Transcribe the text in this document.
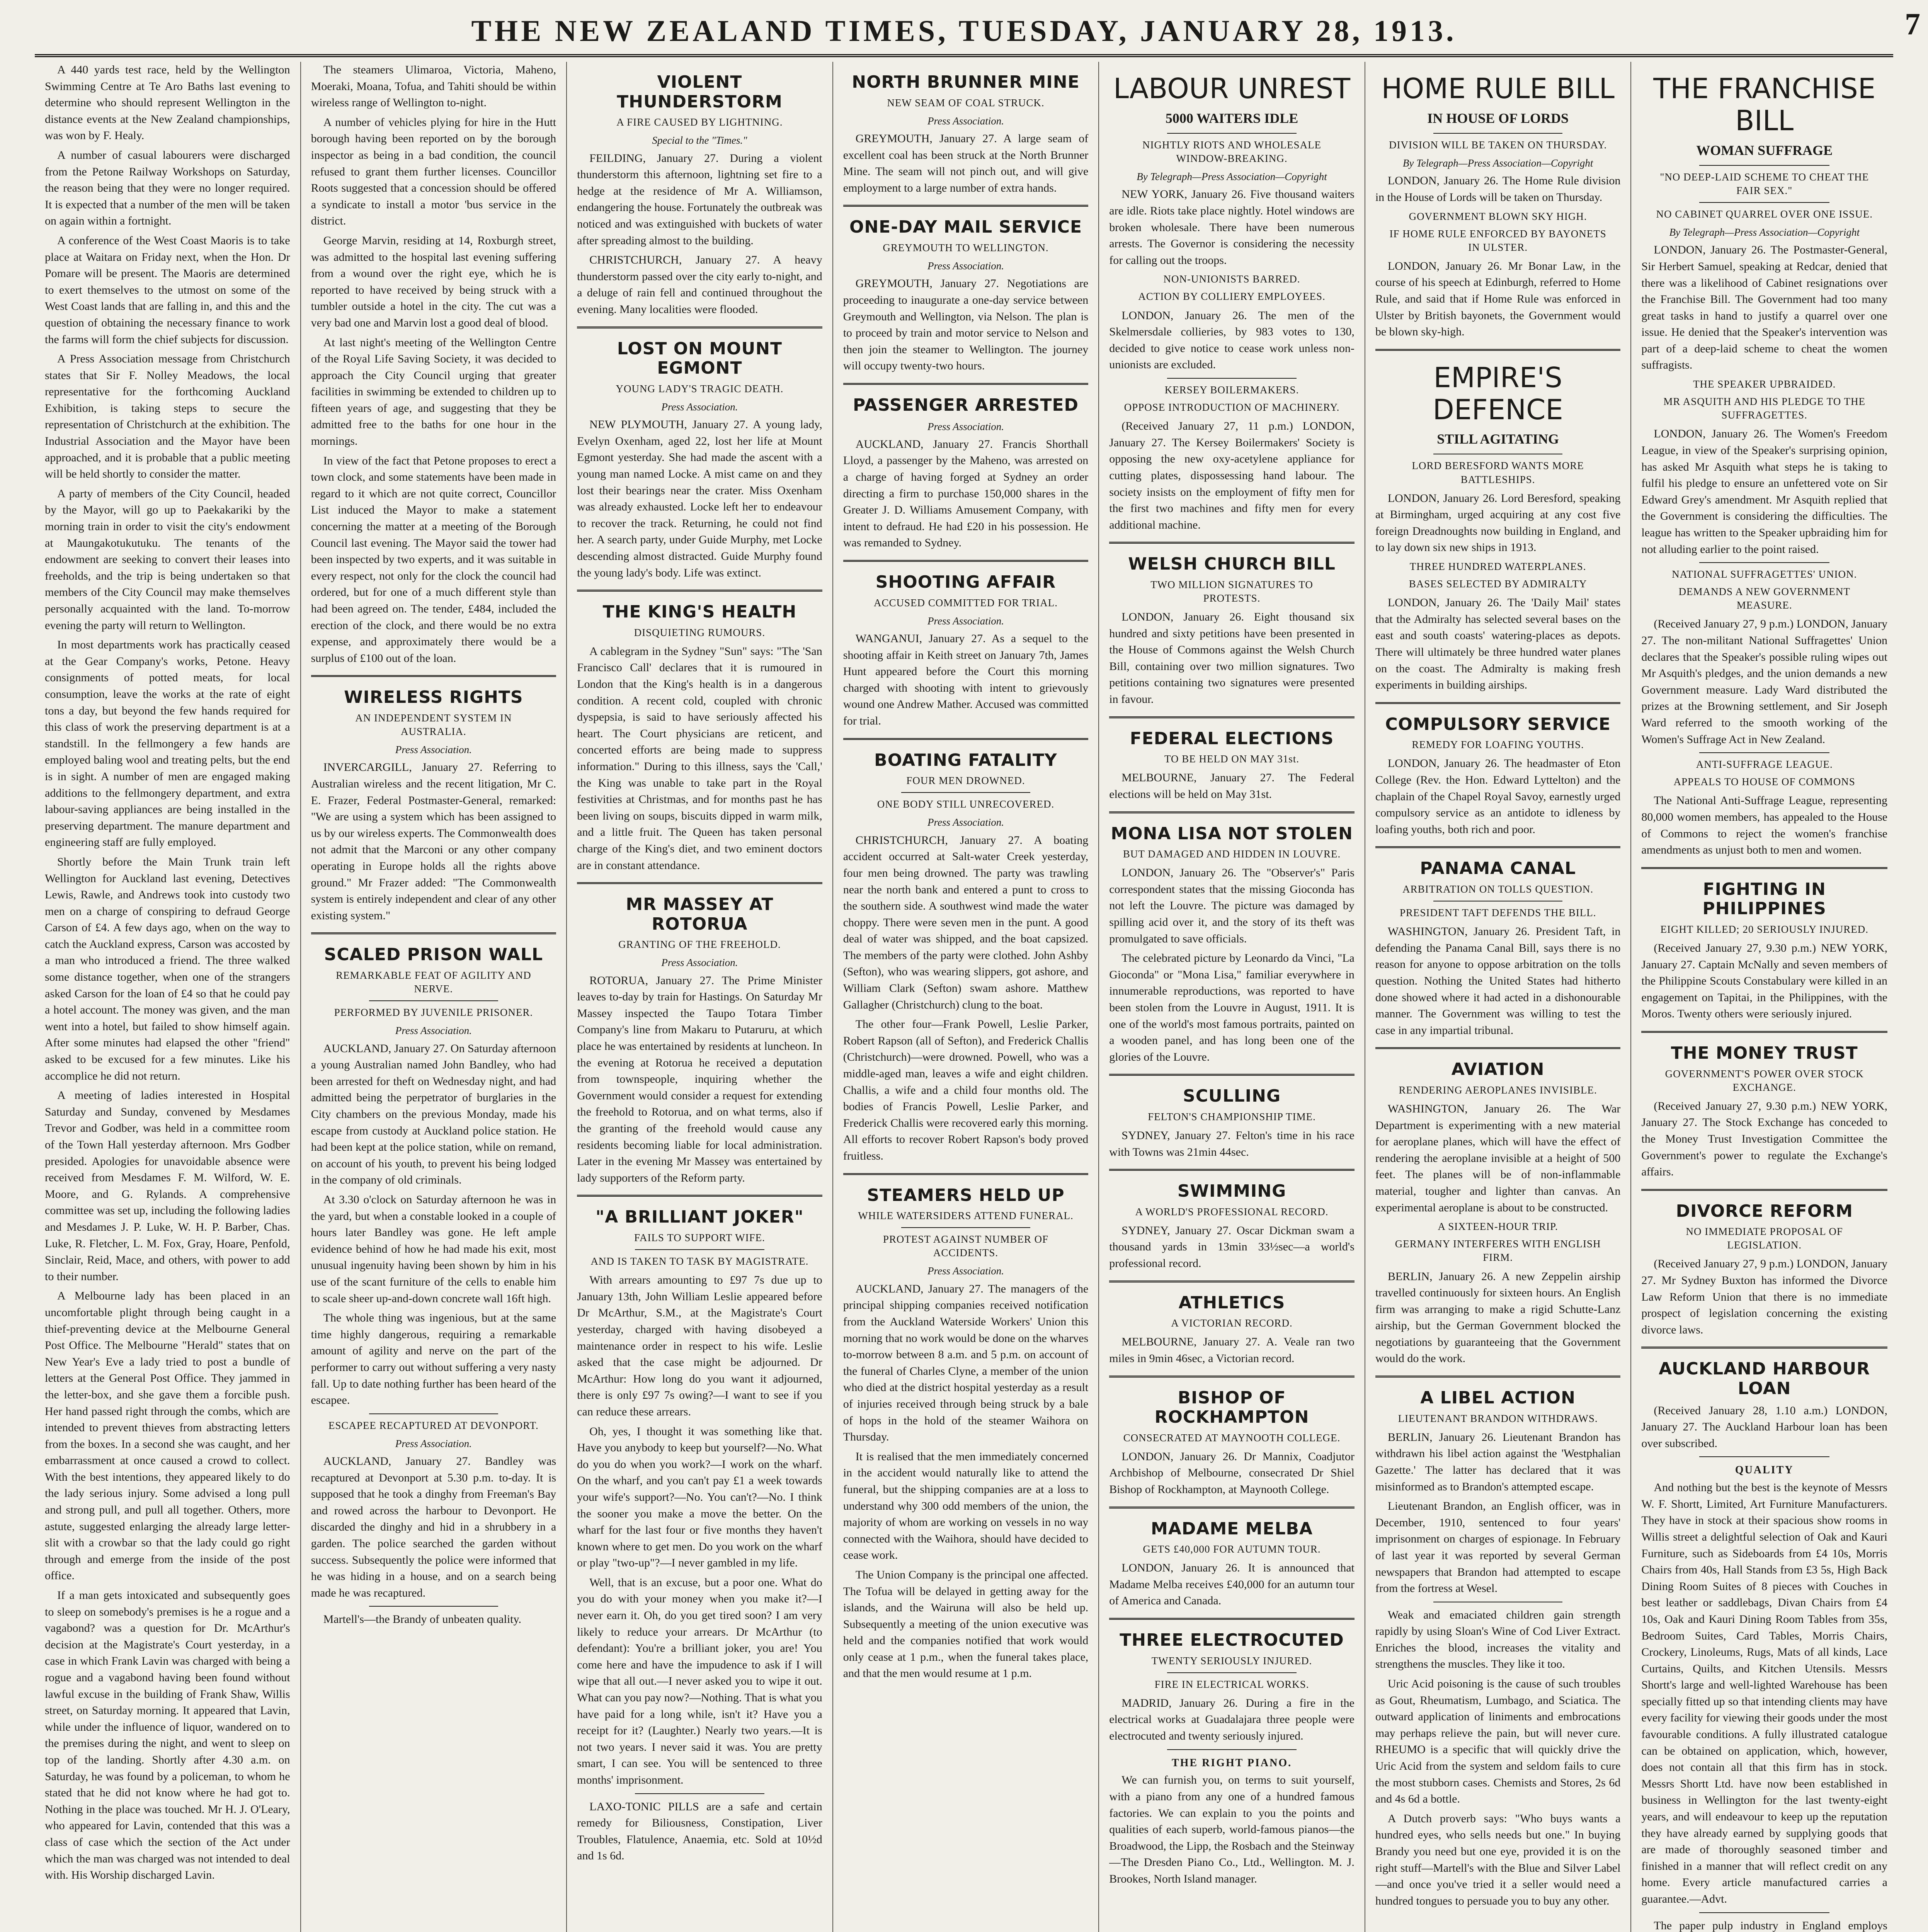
THE NEW ZEALAND TIMES, TUESDAY, JANUARY 28, 1913.	7

A 440 yards test race, held by the Wellington Swimming Centre at Te Aro Baths last evening to determine who should represent Wellington in the distance events at the New Zealand championships, was won by F. Healy.

A number of casual labourers were discharged from the Petone Railway Workshops on Saturday, the reason being that they were no longer required. It is expected that a number of the men will be taken on again within a fortnight.

A conference of the West Coast Maoris is to take place at Waitara on Friday next, when the Hon. Dr Pomare will be present. The Maoris are determined to exert themselves to the utmost on some of the West Coast lands that are falling in, and this and the question of obtaining the necessary finance to work the farms will form the chief subjects for discussion.

A Press Association message from Christchurch states that Sir F. Nolley Meadows, the local representative for the forthcoming Auckland Exhibition, is taking steps to secure the representation of Christchurch at the exhibition. The Industrial Association and the Mayor have been approached, and it is probable that a public meeting will be held shortly to consider the matter.

A party of members of the City Council, headed by the Mayor, will go up to Paekakariki by the morning train in order to visit the city's endowment at Maungakotukutuku. The tenants of the endowment are seeking to convert their leases into freeholds, and the trip is being undertaken so that members of the City Council may make themselves personally acquainted with the land. To-morrow evening the party will return to Wellington.

In most departments work has practically ceased at the Gear Company's works, Petone. Heavy consignments of potted meats, for local consumption, leave the works at the rate of eight tons a day, but beyond the few hands required for this class of work the preserving department is at a standstill. In the fellmongery a few hands are employed baling wool and treating pelts, but the end is in sight. A number of men are engaged making additions to the fellmongery department, and extra labour-saving appliances are being installed in the preserving department. The manure department and engineering staff are fully employed.

Shortly before the Main Trunk train left Wellington for Auckland last evening, Detectives Lewis, Rawle, and Andrews took into custody two men on a charge of conspiring to defraud George Carson of £4. A few days ago, when on the way to catch the Auckland express, Carson was accosted by a man who introduced a friend. The three walked some distance together, when one of the strangers asked Carson for the loan of £4 so that he could pay a hotel account. The money was given, and the man went into a hotel, but failed to show himself again. After some minutes had elapsed the other "friend" asked to be excused for a few minutes. Like his accomplice he did not return.

A meeting of ladies interested in Hospital Saturday and Sunday, convened by Mesdames Trevor and Godber, was held in a committee room of the Town Hall yesterday afternoon. Mrs Godber presided. Apologies for unavoidable absence were received from Mesdames F. M. Wilford, W. E. Moore, and G. Rylands. A comprehensive committee was set up, including the following ladies and Mesdames J. P. Luke, W. H. P. Barber, Chas. Luke, R. Fletcher, L. M. Fox, Gray, Hoare, Penfold, Sinclair, Reid, Mace, and others, with power to add to their number.

A Melbourne lady has been placed in an uncomfortable plight through being caught in a thief-preventing device at the Melbourne General Post Office. The Melbourne "Herald" states that on New Year's Eve a lady tried to post a bundle of letters at the General Post Office. They jammed in the letter-box, and she gave them a forcible push. Her hand passed right through the combs, which are intended to prevent thieves from abstracting letters from the boxes. In a second she was caught, and her embarrassment at once caused a crowd to collect. With the best intentions, they appeared likely to do the lady serious injury. Some advised a long pull and strong pull, and pull all together. Others, more astute, suggested enlarging the already large letter-slit with a crowbar so that the lady could go right through and emerge from the inside of the post office.

If a man gets intoxicated and subsequently goes to sleep on somebody's premises is he a rogue and a vagabond? was a question for Dr. McArthur's decision at the Magistrate's Court yesterday, in a case in which Frank Lavin was charged with being a rogue and a vagabond having been found without lawful excuse in the building of Frank Shaw, Willis street, on Saturday morning. It appeared that Lavin, while under the influence of liquor, wandered on to the premises during the night, and went to sleep on top of the landing. Shortly after 4.30 a.m. on Saturday, he was found by a policeman, to whom he stated that he did not know where he had got to. Nothing in the place was touched. Mr H. J. O'Leary, who appeared for Lavin, contended that this was a class of case which the section of the Act under which the man was charged was not intended to deal with. His Worship discharged Lavin.

The steamers Ulimaroa, Victoria, Maheno, Moeraki, Moana, Tofua, and Tahiti should be within wireless range of Wellington to-night.

A number of vehicles plying for hire in the Hutt borough having been reported on by the borough inspector as being in a bad condition, the council refused to grant them further licenses. Councillor Roots suggested that a concession should be offered a syndicate to install a motor 'bus service in the district.

George Marvin, residing at 14, Roxburgh street, was admitted to the hospital last evening suffering from a wound over the right eye, which he is reported to have received by being struck with a tumbler outside a hotel in the city. The cut was a very bad one and Marvin lost a good deal of blood.

At last night's meeting of the Wellington Centre of the Royal Life Saving Society, it was decided to approach the City Council urging that greater facilities in swimming be extended to children up to fifteen years of age, and suggesting that they be admitted free to the baths for one hour in the mornings.

In view of the fact that Petone proposes to erect a town clock, and some statements have been made in regard to it which are not quite correct, Councillor List induced the Mayor to make a statement concerning the matter at a meeting of the Borough Council last evening. The Mayor said the tower had been inspected by two experts, and it was suitable in every respect, not only for the clock the council had ordered, but for one of a much different style than had been agreed on. The tender, £484, included the erection of the clock, and there would be no extra expense, and approximately there would be a surplus of £100 out of the loan.

WIRELESS RIGHTS
AN INDEPENDENT SYSTEM IN AUSTRALIA.
Press Association.

INVERCARGILL, January 27. Referring to Australian wireless and the recent litigation, Mr C. E. Frazer, Federal Postmaster-General, remarked: "We are using a system which has been assigned to us by our wireless experts. The Commonwealth does not admit that the Marconi or any other company operating in Europe holds all the rights above ground." Mr Frazer added: "The Commonwealth system is entirely independent and clear of any other existing system."

SCALED PRISON WALL
REMARKABLE FEAT OF AGILITY AND NERVE.
PERFORMED BY JUVENILE PRISONER.
Press Association.

AUCKLAND, January 27. On Saturday afternoon a young Australian named John Bandley, who had been arrested for theft on Wednesday night, and had admitted being the perpetrator of burglaries in the City chambers on the previous Monday, made his escape from custody at Auckland police station. He had been kept at the police station, while on remand, on account of his youth, to prevent his being lodged in the company of old criminals.

At 3.30 o'clock on Saturday afternoon he was in the yard, but when a constable looked in a couple of hours later Bandley was gone. He left ample evidence behind of how he had made his exit, most unusual ingenuity having been shown by him in his use of the scant furniture of the cells to enable him to scale sheer up-and-down concrete wall 16ft high.

The whole thing was ingenious, but at the same time highly dangerous, requiring a remarkable amount of agility and nerve on the part of the performer to carry out without suffering a very nasty fall. Up to date nothing further has been heard of the escapee.

ESCAPEE RECAPTURED AT DEVONPORT.
Press Association.

AUCKLAND, January 27. Bandley was recaptured at Devonport at 5.30 p.m. to-day. It is supposed that he took a dinghy from Freeman's Bay and rowed across the harbour to Devonport. He discarded the dinghy and hid in a shrubbery in a garden. The police searched the garden without success. Subsequently the police were informed that he was hiding in a house, and on a search being made he was recaptured.

Martell's—the Brandy of unbeaten quality.

VIOLENT THUNDERSTORM
A FIRE CAUSED BY LIGHTNING.
Special to the "Times."

FEILDING, January 27. During a violent thunderstorm this afternoon, lightning set fire to a hedge at the residence of Mr A. Williamson, endangering the house. Fortunately the outbreak was noticed and was extinguished with buckets of water after spreading almost to the building.

CHRISTCHURCH, January 27. A heavy thunderstorm passed over the city early to-night, and a deluge of rain fell and continued throughout the evening. Many localities were flooded.

LOST ON MOUNT EGMONT
YOUNG LADY'S TRAGIC DEATH.
Press Association.

NEW PLYMOUTH, January 27. A young lady, Evelyn Oxenham, aged 22, lost her life at Mount Egmont yesterday. She had made the ascent with a young man named Locke. A mist came on and they lost their bearings near the crater. Miss Oxenham was already exhausted. Locke left her to endeavour to recover the track. Returning, he could not find her. A search party, under Guide Murphy, met Locke descending almost distracted. Guide Murphy found the young lady's body. Life was extinct.

THE KING'S HEALTH
DISQUIETING RUMOURS.

A cablegram in the Sydney "Sun" says: "The 'San Francisco Call' declares that it is rumoured in London that the King's health is in a dangerous condition. A recent cold, coupled with chronic dyspepsia, is said to have seriously affected his heart. The Court physicians are reticent, and concerted efforts are being made to suppress information." During to this illness, says the 'Call,' the King was unable to take part in the Royal festivities at Christmas, and for months past he has been living on soups, biscuits dipped in warm milk, and a little fruit. The Queen has taken personal charge of the King's diet, and two eminent doctors are in constant attendance.

MR MASSEY AT ROTORUA
GRANTING OF THE FREEHOLD.
Press Association.

ROTORUA, January 27. The Prime Minister leaves to-day by train for Hastings. On Saturday Mr Massey inspected the Taupo Totara Timber Company's line from Makaru to Putaruru, at which place he was entertained by residents at luncheon. In the evening at Rotorua he received a deputation from townspeople, inquiring whether the Government would consider a request for extending the freehold to Rotorua, and on what terms, also if the granting of the freehold would cause any residents becoming liable for local administration. Later in the evening Mr Massey was entertained by lady supporters of the Reform party.

"A BRILLIANT JOKER"
FAILS TO SUPPORT WIFE.
AND IS TAKEN TO TASK BY MAGISTRATE.

With arrears amounting to £97 7s due up to January 13th, John William Leslie appeared before Dr McArthur, S.M., at the Magistrate's Court yesterday, charged with having disobeyed a maintenance order in respect to his wife. Leslie asked that the case might be adjourned. Dr McArthur: How long do you want it adjourned, there is only £97 7s owing?—I want to see if you can reduce these arrears.

Oh, yes, I thought it was something like that. Have you anybody to keep but yourself?—No. What do you do when you work?—I work on the wharf. On the wharf, and you can't pay £1 a week towards your wife's support?—No. You can't?—No. I think the sooner you make a move the better. On the wharf for the last four or five months they haven't known where to get men. Do you work on the wharf or play "two-up"?—I never gambled in my life.

Well, that is an excuse, but a poor one. What do you do with your money when you make it?—I never earn it. Oh, do you get tired soon? I am very likely to reduce your arrears. Dr McArthur (to defendant): You're a brilliant joker, you are! You come here and have the impudence to ask if I will wipe that all out.—I never asked you to wipe it out. What can you pay now?—Nothing. That is what you have paid for a long while, isn't it? Have you a receipt for it? (Laughter.) Nearly two years.—It is not two years. I never said it was. You are pretty smart, I can see. You will be sentenced to three months' imprisonment.

LAXO-TONIC PILLS are a safe and certain remedy for Biliousness, Constipation, Liver Troubles, Flatulence, Anaemia, etc. Sold at 10½d and 1s 6d.

NORTH BRUNNER MINE
NEW SEAM OF COAL STRUCK.
Press Association.

GREYMOUTH, January 27. A large seam of excellent coal has been struck at the North Brunner Mine. The seam will not pinch out, and will give employment to a large number of extra hands.

ONE-DAY MAIL SERVICE
GREYMOUTH TO WELLINGTON.
Press Association.

GREYMOUTH, January 27. Negotiations are proceeding to inaugurate a one-day service between Greymouth and Wellington, via Nelson. The plan is to proceed by train and motor service to Nelson and then join the steamer to Wellington. The journey will occupy twenty-two hours.

PASSENGER ARRESTED
Press Association.

AUCKLAND, January 27. Francis Shorthall Lloyd, a passenger by the Maheno, was arrested on a charge of having forged at Sydney an order directing a firm to purchase 150,000 shares in the Greater J. D. Williams Amusement Company, with intent to defraud. He had £20 in his possession. He was remanded to Sydney.

SHOOTING AFFAIR
ACCUSED COMMITTED FOR TRIAL.
Press Association.

WANGANUI, January 27. As a sequel to the shooting affair in Keith street on January 7th, James Hunt appeared before the Court this morning charged with shooting with intent to grievously wound one Andrew Mather. Accused was committed for trial.

BOATING FATALITY
FOUR MEN DROWNED.
ONE BODY STILL UNRECOVERED.
Press Association.

CHRISTCHURCH, January 27. A boating accident occurred at Salt-water Creek yesterday, four men being drowned. The party was trawling near the north bank and entered a punt to cross to the southern side. A southwest wind made the water choppy. There were seven men in the punt. A good deal of water was shipped, and the boat capsized. The members of the party were clothed. John Ashby (Sefton), who was wearing slippers, got ashore, and William Clark (Sefton) swam ashore. Matthew Gallagher (Christchurch) clung to the boat.

The other four—Frank Powell, Leslie Parker, Robert Rapson (all of Sefton), and Frederick Challis (Christchurch)—were drowned. Powell, who was a middle-aged man, leaves a wife and eight children. Challis, a wife and a child four months old. The bodies of Francis Powell, Leslie Parker, and Frederick Challis were recovered early this morning. All efforts to recover Robert Rapson's body proved fruitless.

STEAMERS HELD UP
WHILE WATERSIDERS ATTEND FUNERAL.
PROTEST AGAINST NUMBER OF ACCIDENTS.
Press Association.

AUCKLAND, January 27. The managers of the principal shipping companies received notification from the Auckland Waterside Workers' Union this morning that no work would be done on the wharves to-morrow between 8 a.m. and 5 p.m. on account of the funeral of Charles Clyne, a member of the union who died at the district hospital yesterday as a result of injuries received through being struck by a bale of hops in the hold of the steamer Waihora on Thursday.

It is realised that the men immediately concerned in the accident would naturally like to attend the funeral, but the shipping companies are at a loss to understand why 300 odd members of the union, the majority of whom are working on vessels in no way connected with the Waihora, should have decided to cease work.

The Union Company is the principal one affected. The Tofua will be delayed in getting away for the islands, and the Wairuna will also be held up. Subsequently a meeting of the union executive was held and the companies notified that work would only cease at 1 p.m., when the funeral takes place, and that the men would resume at 1 p.m.

LABOUR UNREST
5000 WAITERS IDLE
NIGHTLY RIOTS AND WHOLESALE WINDOW-BREAKING.
By Telegraph—Press Association—Copyright

NEW YORK, January 26. Five thousand waiters are idle. Riots take place nightly. Hotel windows are broken wholesale. There have been numerous arrests. The Governor is considering the necessity for calling out the troops.

NON-UNIONISTS BARRED.
ACTION BY COLLIERY EMPLOYEES.

LONDON, January 26. The men of the Skelmersdale collieries, by 983 votes to 130, decided to give notice to cease work unless non-unionists are excluded.

KERSEY BOILERMAKERS.
OPPOSE INTRODUCTION OF MACHINERY.

(Received January 27, 11 p.m.) LONDON, January 27. The Kersey Boilermakers' Society is opposing the new oxy-acetylene appliance for cutting plates, dispossessing hand labour. The society insists on the employment of fifty men for the first two machines and fifty men for every additional machine.

WELSH CHURCH BILL
TWO MILLION SIGNATURES TO PROTESTS.

LONDON, January 26. Eight thousand six hundred and sixty petitions have been presented in the House of Commons against the Welsh Church Bill, containing over two million signatures. Two petitions containing two signatures were presented in favour.

FEDERAL ELECTIONS
TO BE HELD ON MAY 31st.

MELBOURNE, January 27. The Federal elections will be held on May 31st.

MONA LISA NOT STOLEN
BUT DAMAGED AND HIDDEN IN LOUVRE.

LONDON, January 26. The "Observer's" Paris correspondent states that the missing Gioconda has not left the Louvre. The picture was damaged by spilling acid over it, and the story of its theft was promulgated to save officials.

The celebrated picture by Leonardo da Vinci, "La Gioconda" or "Mona Lisa," familiar everywhere in innumerable reproductions, was reported to have been stolen from the Louvre in August, 1911. It is one of the world's most famous portraits, painted on a wooden panel, and has long been one of the glories of the Louvre.

SCULLING
FELTON'S CHAMPIONSHIP TIME.

SYDNEY, January 27. Felton's time in his race with Towns was 21min 44sec.

SWIMMING
A WORLD'S PROFESSIONAL RECORD.

SYDNEY, January 27. Oscar Dickman swam a thousand yards in 13min 33½sec—a world's professional record.

ATHLETICS
A VICTORIAN RECORD.

MELBOURNE, January 27. A. Veale ran two miles in 9min 46sec, a Victorian record.

BISHOP OF ROCKHAMPTON
CONSECRATED AT MAYNOOTH COLLEGE.

LONDON, January 26. Dr Mannix, Coadjutor Archbishop of Melbourne, consecrated Dr Shiel Bishop of Rockhampton, at Maynooth College.

MADAME MELBA
GETS £40,000 FOR AUTUMN TOUR.

LONDON, January 26. It is announced that Madame Melba receives £40,000 for an autumn tour of America and Canada.

THREE ELECTROCUTED
TWENTY SERIOUSLY INJURED.
FIRE IN ELECTRICAL WORKS.

MADRID, January 26. During a fire in the electrical works at Guadalajara three people were electrocuted and twenty seriously injured.

THE RIGHT PIANO.

We can furnish you, on terms to suit yourself, with a piano from any one of a hundred famous factories. We can explain to you the points and qualities of each superb, world-famous pianos—the Broadwood, the Lipp, the Rosbach and the Steinway—The Dresden Piano Co., Ltd., Wellington. M. J. Brookes, North Island manager.

HOME RULE BILL
IN HOUSE OF LORDS
DIVISION WILL BE TAKEN ON THURSDAY.
By Telegraph—Press Association—Copyright

LONDON, January 26. The Home Rule division in the House of Lords will be taken on Thursday.

GOVERNMENT BLOWN SKY HIGH.
IF HOME RULE ENFORCED BY BAYONETS IN ULSTER.

LONDON, January 26. Mr Bonar Law, in the course of his speech at Edinburgh, referred to Home Rule, and said that if Home Rule was enforced in Ulster by British bayonets, the Government would be blown sky-high.

EMPIRE'S DEFENCE
STILL AGITATING
LORD BERESFORD WANTS MORE BATTLESHIPS.

LONDON, January 26. Lord Beresford, speaking at Birmingham, urged acquiring at any cost five foreign Dreadnoughts now building in England, and to lay down six new ships in 1913.

THREE HUNDRED WATERPLANES.
BASES SELECTED BY ADMIRALTY

LONDON, January 26. The 'Daily Mail' states that the Admiralty has selected several bases on the east and south coasts' watering-places as depots. There will ultimately be three hundred water planes on the coast. The Admiralty is making fresh experiments in building airships.

COMPULSORY SERVICE
REMEDY FOR LOAFING YOUTHS.

LONDON, January 26. The headmaster of Eton College (Rev. the Hon. Edward Lyttelton) and the chaplain of the Chapel Royal Savoy, earnestly urged compulsory service as an antidote to idleness by loafing youths, both rich and poor.

PANAMA CANAL
ARBITRATION ON TOLLS QUESTION.
PRESIDENT TAFT DEFENDS THE BILL.

WASHINGTON, January 26. President Taft, in defending the Panama Canal Bill, says there is no reason for anyone to oppose arbitration on the tolls question. Nothing the United States had hitherto done showed where it had acted in a dishonourable manner. The Government was willing to test the case in any impartial tribunal.

AVIATION
RENDERING AEROPLANES INVISIBLE.

WASHINGTON, January 26. The War Department is experimenting with a new material for aeroplane planes, which will have the effect of rendering the aeroplane invisible at a height of 500 feet. The planes will be of non-inflammable material, tougher and lighter than canvas. An experimental aeroplane is about to be constructed.

A SIXTEEN-HOUR TRIP.
GERMANY INTERFERES WITH ENGLISH FIRM.

BERLIN, January 26. A new Zeppelin airship travelled continuously for sixteen hours. An English firm was arranging to make a rigid Schutte-Lanz airship, but the German Government blocked the negotiations by guaranteeing that the Government would do the work.

A LIBEL ACTION
LIEUTENANT BRANDON WITHDRAWS.

BERLIN, January 26. Lieutenant Brandon has withdrawn his libel action against the 'Westphalian Gazette.' The latter has declared that it was misinformed as to Brandon's attempted escape.

Lieutenant Brandon, an English officer, was in December, 1910, sentenced to four years' imprisonment on charges of espionage. In February of last year it was reported by several German newspapers that Brandon had attempted to escape from the fortress at Wesel.

Weak and emaciated children gain strength rapidly by using Sloan's Wine of Cod Liver Extract. Enriches the blood, increases the vitality and strengthens the muscles. They like it too.

Uric Acid poisoning is the cause of such troubles as Gout, Rheumatism, Lumbago, and Sciatica. The outward application of liniments and embrocations may perhaps relieve the pain, but will never cure. RHEUMO is a specific that will quickly drive the Uric Acid from the system and seldom fails to cure the most stubborn cases. Chemists and Stores, 2s 6d and 4s 6d a bottle.

A Dutch proverb says: "Who buys wants a hundred eyes, who sells needs but one." In buying Brandy you need but one eye, provided it is on the right stuff—Martell's with the Blue and Silver Label—and once you've tried it a seller would need a hundred tongues to persuade you to buy any other.

THE FRANCHISE BILL
WOMAN SUFFRAGE
"NO DEEP-LAID SCHEME TO CHEAT THE FAIR SEX."
NO CABINET QUARREL OVER ONE ISSUE.
By Telegraph—Press Association—Copyright

LONDON, January 26. The Postmaster-General, Sir Herbert Samuel, speaking at Redcar, denied that there was a likelihood of Cabinet resignations over the Franchise Bill. The Government had too many great tasks in hand to justify a quarrel over one issue. He denied that the Speaker's intervention was part of a deep-laid scheme to cheat the women suffragists.

THE SPEAKER UPBRAIDED.
MR ASQUITH AND HIS PLEDGE TO THE SUFFRAGETTES.

LONDON, January 26. The Women's Freedom League, in view of the Speaker's surprising opinion, has asked Mr Asquith what steps he is taking to fulfil his pledge to ensure an unfettered vote on Sir Edward Grey's amendment. Mr Asquith replied that the Government is considering the difficulties. The league has written to the Speaker upbraiding him for not alluding earlier to the point raised.

NATIONAL SUFFRAGETTES' UNION.
DEMANDS A NEW GOVERNMENT MEASURE.

(Received January 27, 9 p.m.) LONDON, January 27. The non-militant National Suffragettes' Union declares that the Speaker's possible ruling wipes out Mr Asquith's pledges, and the union demands a new Government measure. Lady Ward distributed the prizes at the Browning settlement, and Sir Joseph Ward referred to the smooth working of the Women's Suffrage Act in New Zealand.

ANTI-SUFFRAGE LEAGUE.
APPEALS TO HOUSE OF COMMONS

The National Anti-Suffrage League, representing 80,000 women members, has appealed to the House of Commons to reject the women's franchise amendments as unjust both to men and women.

FIGHTING IN PHILIPPINES
EIGHT KILLED; 20 SERIOUSLY INJURED.

(Received January 27, 9.30 p.m.) NEW YORK, January 27. Captain McNally and seven members of the Philippine Scouts Constabulary were killed in an engagement on Tapitai, in the Philippines, with the Moros. Twenty others were seriously injured.

THE MONEY TRUST
GOVERNMENT'S POWER OVER STOCK EXCHANGE.

(Received January 27, 9.30 p.m.) NEW YORK, January 27. The Stock Exchange has conceded to the Money Trust Investigation Committee the Government's power to regulate the Exchange's affairs.

DIVORCE REFORM
NO IMMEDIATE PROPOSAL OF LEGISLATION.

(Received January 27, 9 p.m.) LONDON, January 27. Mr Sydney Buxton has informed the Divorce Law Reform Union that there is no immediate prospect of legislation concerning the existing divorce laws.

AUCKLAND HARBOUR LOAN

(Received January 28, 1.10 a.m.) LONDON, January 27. The Auckland Harbour loan has been over subscribed.

QUALITY

And nothing but the best is the keynote of Messrs W. F. Shortt, Limited, Art Furniture Manufacturers. They have in stock at their spacious show rooms in Willis street a delightful selection of Oak and Kauri Furniture, such as Sideboards from £4 10s, Morris Chairs from 40s, Hall Stands from £3 5s, High Back Dining Room Suites of 8 pieces with Couches in best leather or saddlebags, Divan Chairs from £4 10s, Oak and Kauri Dining Room Tables from 35s, Bedroom Suites, Card Tables, Morris Chairs, Crockery, Linoleums, Rugs, Mats of all kinds, Lace Curtains, Quilts, and Kitchen Utensils. Messrs Shortt's large and well-lighted Warehouse has been specially fitted up so that intending clients may have every facility for viewing their goods under the most favourable conditions. A fully illustrated catalogue can be obtained on application, which, however, does not contain all that this firm has in stock. Messrs Shortt Ltd. have now been established in business in Wellington for the last twenty-eight years, and will endeavour to keep up the reputation they have already earned by supplying goods that are made of thoroughly seasoned timber and finished in a manner that will reflect credit on any home. Every article manufactured carries a guarantee.—Advt.

The paper pulp industry in England employs
